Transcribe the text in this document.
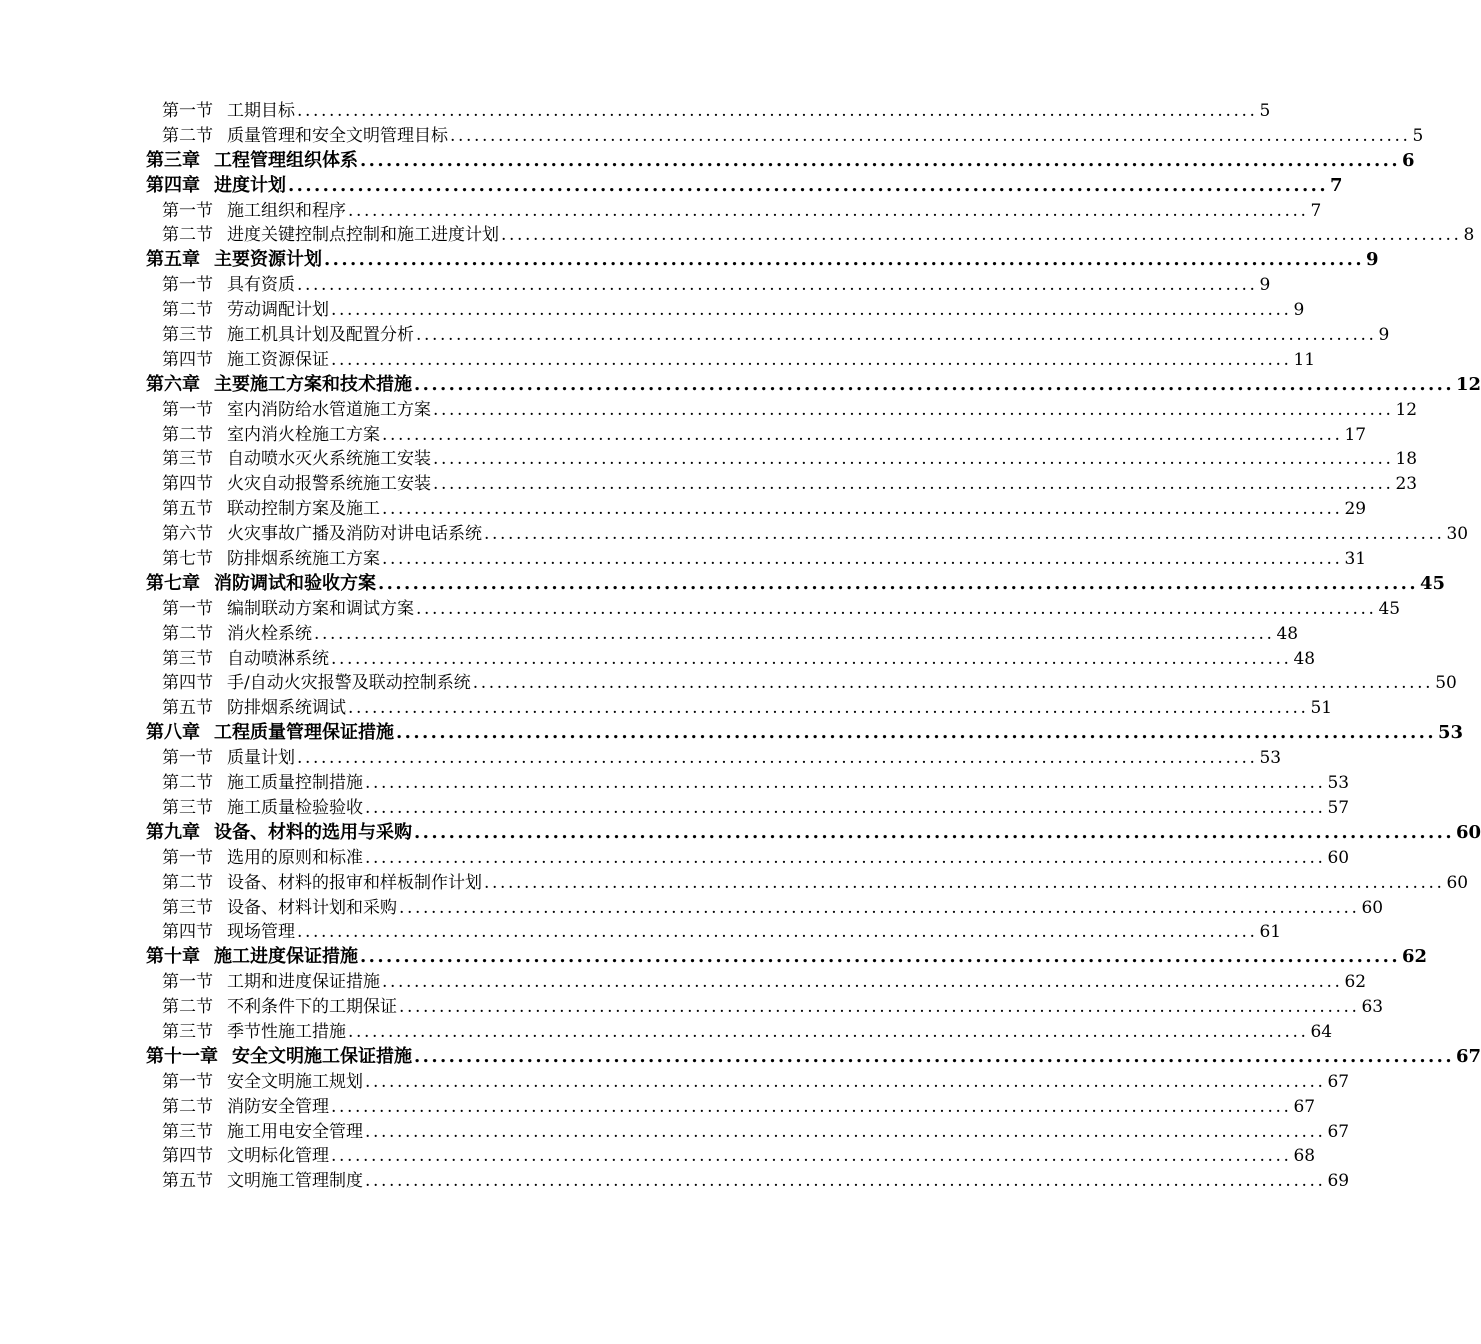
第一节 工期目标 ........................................................................................................................ 5
第二节 质量管理和安全文明管理目标 ........................................................................................................................ 5
第三章 工程管理组织体系 ........................................................................................................................ 6
第四章 进度计划 ........................................................................................................................ 7
第一节 施工组织和程序 ........................................................................................................................ 7
第二节 进度关键控制点控制和施工进度计划 ........................................................................................................................ 8
第五章 主要资源计划 ........................................................................................................................ 9
第一节 具有资质 ........................................................................................................................ 9
第二节 劳动调配计划 ........................................................................................................................ 9
第三节 施工机具计划及配置分析 ........................................................................................................................ 9
第四节 施工资源保证 ........................................................................................................................ 11
第六章 主要施工方案和技术措施 ........................................................................................................................ 12
第一节 室内消防给水管道施工方案 ........................................................................................................................ 12
第二节 室内消火栓施工方案 ........................................................................................................................ 17
第三节 自动喷水灭火系统施工安装 ........................................................................................................................ 18
第四节 火灾自动报警系统施工安装 ........................................................................................................................ 23
第五节 联动控制方案及施工 ........................................................................................................................ 29
第六节 火灾事故广播及消防对讲电话系统 ........................................................................................................................ 30
第七节 防排烟系统施工方案 ........................................................................................................................ 31
第七章 消防调试和验收方案 ........................................................................................................................ 45
第一节 编制联动方案和调试方案 ........................................................................................................................ 45
第二节 消火栓系统 ........................................................................................................................ 48
第三节 自动喷淋系统 ........................................................................................................................ 48
第四节 手/自动火灾报警及联动控制系统 ........................................................................................................................ 50
第五节 防排烟系统调试 ........................................................................................................................ 51
第八章 工程质量管理保证措施 ........................................................................................................................ 53
第一节 质量计划 ........................................................................................................................ 53
第二节 施工质量控制措施 ........................................................................................................................ 53
第三节 施工质量检验验收 ........................................................................................................................ 57
第九章 设备、材料的选用与采购 ........................................................................................................................ 60
第一节 选用的原则和标准 ........................................................................................................................ 60
第二节 设备、材料的报审和样板制作计划 ........................................................................................................................ 60
第三节 设备、材料计划和采购 ........................................................................................................................ 60
第四节 现场管理 ........................................................................................................................ 61
第十章 施工进度保证措施 ........................................................................................................................ 62
第一节 工期和进度保证措施 ........................................................................................................................ 62
第二节 不利条件下的工期保证 ........................................................................................................................ 63
第三节 季节性施工措施 ........................................................................................................................ 64
第十一章 安全文明施工保证措施 ........................................................................................................................ 67
第一节 安全文明施工规划 ........................................................................................................................ 67
第二节 消防安全管理 ........................................................................................................................ 67
第三节 施工用电安全管理 ........................................................................................................................ 67
第四节 文明标化管理 ........................................................................................................................ 68
第五节 文明施工管理制度 ........................................................................................................................ 69
